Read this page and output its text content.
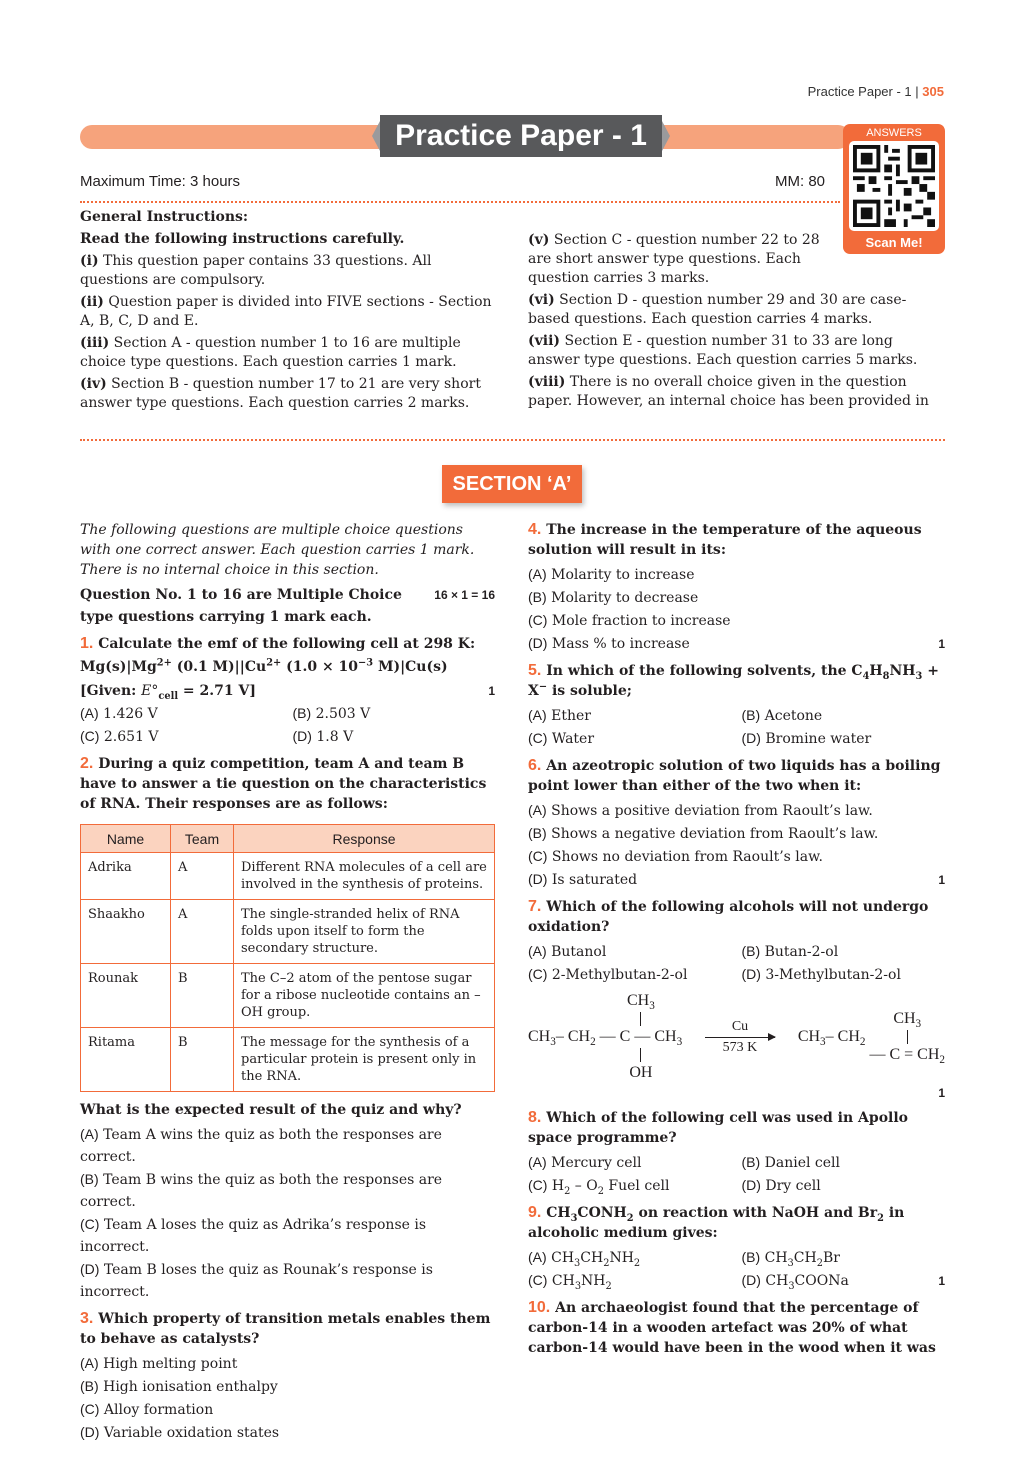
Practice Paper - 1 | 305
Practice Paper - 1	ANSWERS
Scan Me!
Maximum Time: 3 hours	MM: 80

General Instructions:

Read the following instructions carefully.

(i) This question paper contains 33 questions. All questions are compulsory.

(ii) Question paper is divided into FIVE sections - Section A, B, C, D and E.

(iii) Section A - question number 1 to 16 are multiple choice type questions. Each question carries 1 mark.

(iv) Section B - question number 17 to 21 are very short answer type questions. Each question carries 2 marks.

(v) Section C - question number 22 to 28 are short answer type questions. Each question carries 3 marks.

(vi) Section D - question number 29 and 30 are case-based questions. Each question carries 4 marks.

(vii) Section E - question number 31 to 33 are long answer type questions. Each question carries 5 marks.

(viii) There is no overall choice given in the question paper. However, an internal choice has been provided in

SECTION ‘A’

The following questions are multiple choice questions with one correct answer. Each question carries 1 mark. There is no internal choice in this section.

Question No. 1 to 16 are Multiple Choice type questions carrying 1 mark each.
16 × 1 = 16

1. Calculate the emf of the following cell at 298 K:

$Mg(s)|Mg^{2+}$ (0.1 $M)||Cu^{2+}$ ($1.0 \times 10^{-3}$ M)|Cu(s)

[Given: $E^\circ_{cell} = 2.71$ V]	1
(A) 1.426 V	(B) 2.503 V
(C) 2.651 V	(D) 1.8 V

2. During a quiz competition, team A and team B have to answer a tie question on the characteristics of RNA. Their responses are as follows:

Name	Team	Response
Adrika	A	Different RNA molecules of a cell are involved in the synthesis of proteins.
Shaakho	A	The single-stranded helix of RNA folds upon itself to form the secondary structure.
Rounak	B	The C–2 atom of the pentose sugar for a ribose nucleotide contains an –OH group.
Ritama	B	The message for the synthesis of a particular protein is present only in the RNA.

What is the expected result of the quiz and why?

(A) Team A wins the quiz as both the responses are correct.
(B) Team B wins the quiz as both the responses are correct.
(C) Team A loses the quiz as Adrika’s response is incorrect.
(D) Team B loses the quiz as Rounak’s response is incorrect.

3. Which property of transition metals enables them to behave as catalysts?

(A) High melting point
(B) High ionisation enthalpy
(C) Alloy formation
(D) Variable oxidation states

4. The increase in the temperature of the aqueous solution will result in its:

(A) Molarity to increase
(B) Molarity to decrease
(C) Mole fraction to increase
(D) Mass % to increase	1

5. In which of the following solvents, the $C_4H_8NH_3 + X^-$ is soluble;

(A) Ether	(B) Acetone
(C) Water	(D) Bromine water

6. An azeotropic solution of two liquids has a boiling point lower than either of the two when it:

(A) Shows a positive deviation from Raoult’s law.
(B) Shows a negative deviation from Raoult’s law.
(C) Shows no deviation from Raoult’s law.
(D) Is saturated	1

7. Which of the following alcohols will not undergo oxidation?

(A) Butanol	(B) Butan-2-ol
(C) 2-Methylbutan-2-ol	(D) 3-Methylbutan-2-ol
$CH_3-$ $CH_2$
$CH_3$
— C — $CH_3$
OH
Cu
573 K
$CH_3-$ $CH_2$
$CH_3$
— $C = CH_2$
1

8. Which of the following cell was used in Apollo space programme?

(A) Mercury cell	(B) Daniel cell
(C) $H_2 - O_2$ Fuel cell	(D) Dry cell

9. $CH_3CONH_2$ on reaction with NaOH and $Br_2$ in alcoholic medium gives:

(A) $CH_3CH_2NH_2$	(B) $CH_3CH_2Br$
(C) $CH_3NH_2$	(D) $CH_3COONa$	1

10. An archaeologist found that the percentage of carbon-14 in a wooden artefact was 20% of what carbon-14 would have been in the wood when it was
